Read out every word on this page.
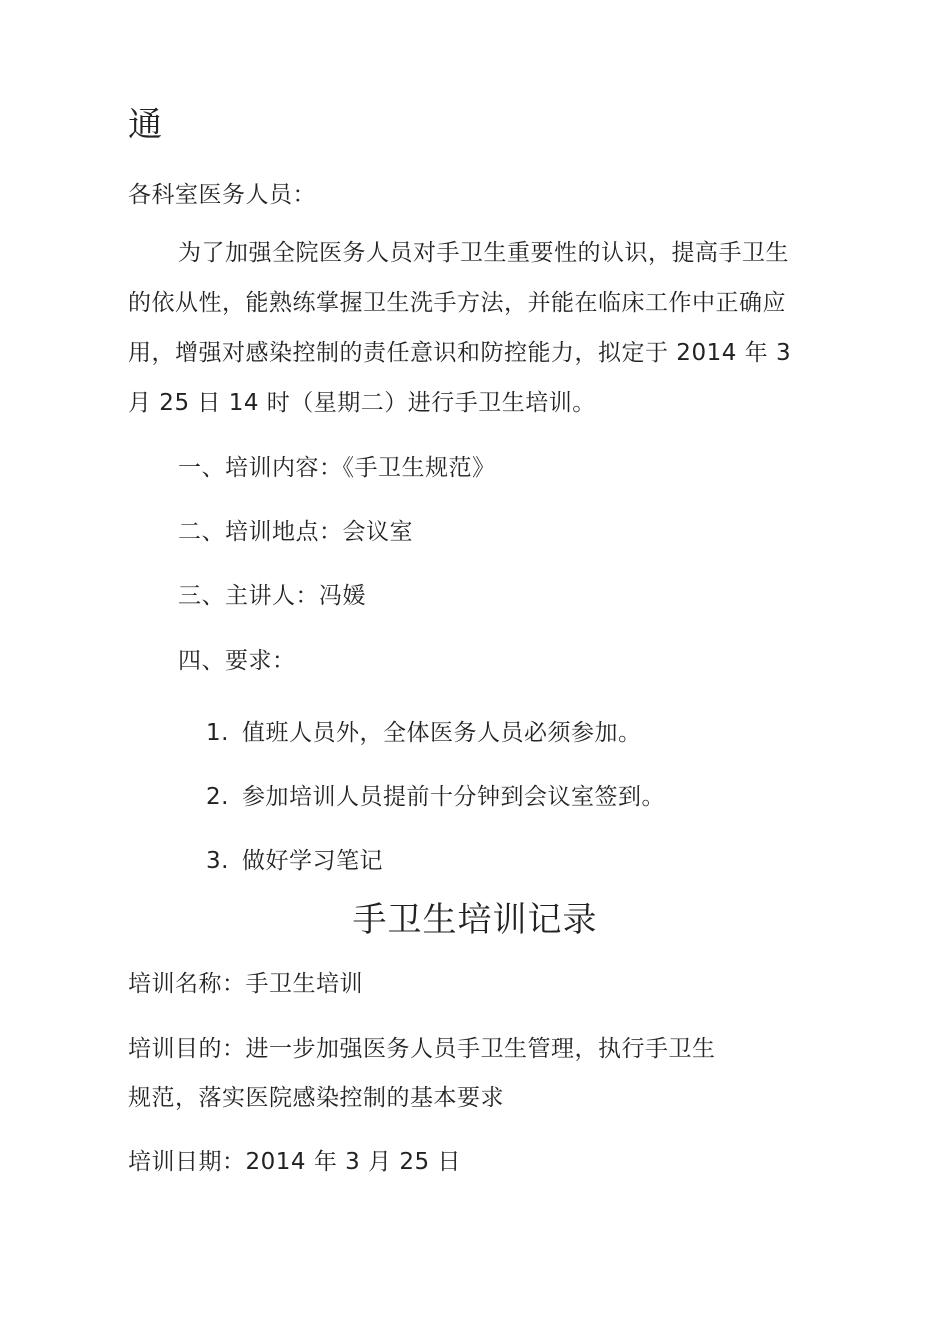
通
各科室医务人员：
为了加强全院医务人员对手卫生重要性的认识，提高手卫生
的依从性，能熟练掌握卫生洗手方法，并能在临床工作中正确应
用，增强对感染控制的责任意识和防控能力，拟定于 2014 年 3
月 25 日 14 时（星期二）进行手卫生培训。
一、培训内容：《手卫生规范》
二、培训地点：会议室
三、主讲人：冯媛
四、要求：
1. 值班人员外，全体医务人员必须参加。
2. 参加培训人员提前十分钟到会议室签到。
3. 做好学习笔记
手卫生培训记录
培训名称：手卫生培训
培训目的：进一步加强医务人员手卫生管理，执行手卫生
规范，落实医院感染控制的基本要求
培训日期：2014 年 3 月 25 日
